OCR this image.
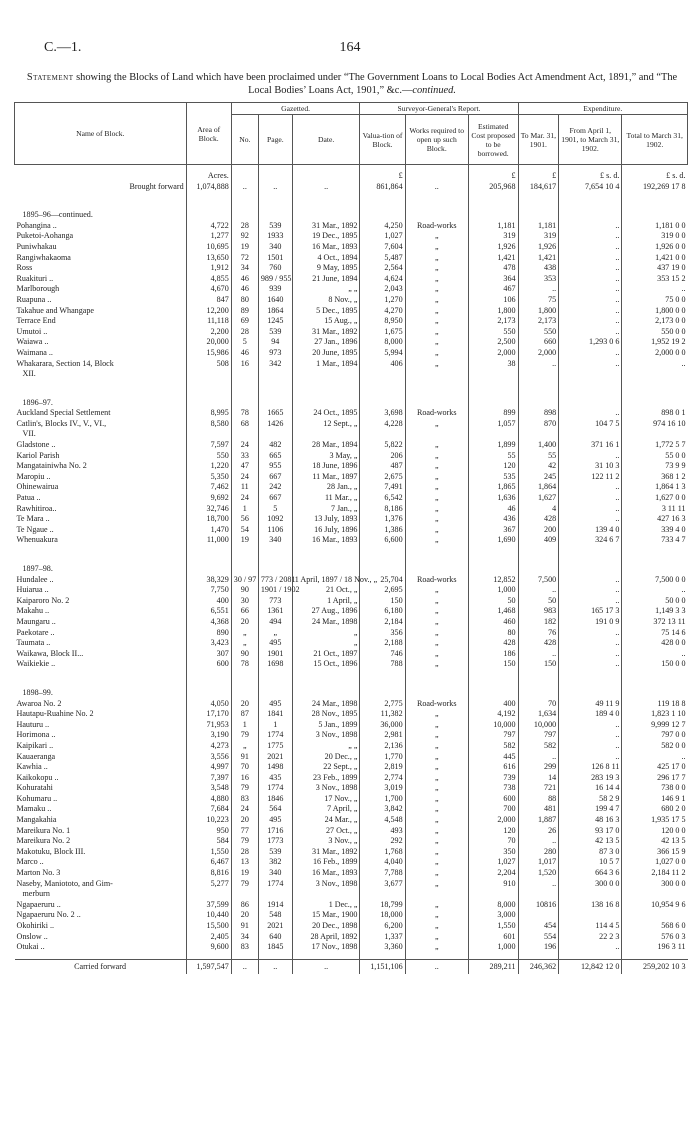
C.—1.	164
Statement showing the Blocks of Land which have been proclaimed under “The Government Loans to Local Bodies Act Amendment Act, 1891,” and “The Local Bodies’ Loans Act, 1901,” &c.—continued.
Name of Block.	Area of Block.	Gazetted.			Surveyor-General's Report.			Expenditure.		
		No.	Page.	Date.	Valua-tion of Block.	Works required to open up such Block.	Estimated Cost proposed to be borrowed.	To Mar. 31, 1901.	From April 1, 1901, to March 31, 1902.	Total to March 31, 1902.

	Acres.				£		£	£	£ s. d.	£ s. d.
Brought forward	1,074,888	..	..	..	861,864	..	205,968	184,617	7,654 10 4	192,269 17 8

1895–96—continued.										
Pohangina ..	4,722	28	539	31 Mar., 1892	4,250	Road-works	1,181	1,181	..	1,181 0 0
Puketoi-Aohanga	1,277	92	1933	19 Dec., 1895	1,027	„	319	319	..	319 0 0
Puniwhakau	10,695	19	340	16 Mar., 1893	7,604	„	1,926	1,926	..	1,926 0 0
Rangiwhakaoma	13,650	72	1501	4 Oct., 1894	5,487	„	1,421	1,421	..	1,421 0 0
Ross	1,912	34	760	9 May, 1895	2,564	„	478	438	..	437 19 0
Ruakituri ..	4,855	46	989 / 955	21 June, 1894	4,624	„	364	353	..	353 15 2
Marlborough	4,670	46	939	„ „	2,043	„	467	..	..	..
Ruapuna ..	847	80	1640	8 Nov., „	1,270	„	106	75	..	75 0 0
Takahue and Whangape	12,200	89	1864	5 Dec., 1895	4,270	„	1,800	1,800	..	1,800 0 0
Terrace End	11,118	69	1245	15 Aug., „	8,950	„	2,173	2,173	..	2,173 0 0
Umutoi ..	2,200	28	539	31 Mar., 1892	1,675	„	550	550	..	550 0 0
Waiawa ..	20,000	5	94	27 Jan., 1896	8,000	„	2,500	660	1,293 0 6	1,952 19 2
Waimana ..	15,986	46	973	20 June, 1895	5,994	„	2,000	2,000	..	2,000 0 0
Whakarara, Section 14, Block	508	16	342	1 Mar., 1894	406	„	38	..	..	..
XII.										

1896–97.										
Auckland Special Settlement	8,995	78	1665	24 Oct., 1895	3,698	Road-works	899	898	..	898 0 1
Catlin's, Blocks IV., V., VI.,	8,580	68	1426	12 Sept., „	4,228	„	1,057	870	104 7 5	974 16 10
VII.										
Gladstone ..	7,597	24	482	28 Mar., 1894	5,822	„	1,899	1,400	371 16 1	1,772 5 7
Kariol Parish	550	33	665	3 May, „	206	„	55	55	..	55 0 0
Mangatainiwha No. 2	1,220	47	955	18 June, 1896	487	„	120	42	31 10 3	73 9 9
Maropiu ..	5,350	24	667	11 Mar., 1897	2,675	„	535	245	122 11 2	368 1 2
Ohinewairua	7,462	11	242	28 Jan., „	7,491	„	1,865	1,864	..	1,864 1 3
Patua ..	9,692	24	667	11 Mar., „	6,542	„	1,636	1,627	..	1,627 0 0
Rawhitiroa..	32,746	1	5	7 Jan., „	8,186	„	46	4	..	3 11 11
Te Mara ..	18,700	56	1092	13 July, 1893	1,376	„	436	428	..	427 16 3
Te Ngaue ..	1,470	54	1106	16 July, 1896	1,386	„	367	200	139 4 0	339 4 0
Whenuakura	11,000	19	340	16 Mar., 1893	6,600	„	1,690	409	324 6 7	733 4 7

1897–98.										
Hundalee ..	38,329	30 / 97	773 / 2081	1 April, 1897 / 18 Nov., „	25,704	Road-works	12,852	7,500	..	7,500 0 0
Huiarua ..	7,750	90	1901 / 1902	21 Oct., „	2,695	„	1,000	..	..	..
Kaiparoro No. 2	400	30	773	1 April, „	150	„	50	50	..	50 0 0
Makahu ..	6,551	66	1361	27 Aug., 1896	6,180	„	1,468	983	165 17 3	1,149 3 3
Maungaru ..	4,368	20	494	24 Mar., 1898	2,184	„	460	182	191 0 9	372 13 11
Paekotare ..	890	„	„	„	356	„	80	76	..	75 14 6
Taumata ..	3,423	„	495	„	2,188	„	428	428	..	428 0 0
Waikawa, Block II...	307	90	1901	21 Oct., 1897	746	„	186	..	..	..
Waikiekie ..	600	78	1698	15 Oct., 1896	788	„	150	150	..	150 0 0

1898–99.										
Awaroa No. 2	4,050	20	495	24 Mar., 1898	2,775	Road-works	400	70	49 11 9	119 18 8
Hautapu-Ruahine No. 2	17,170	87	1841	28 Nov., 1895	11,382	„	4,192	1,634	189 4 0	1,823 1 10
Hauturu ..	71,953	1	1	5 Jan., 1899	36,000	„	10,000	10,000	..	9,999 12 7
Horimona ..	3,190	79	1774	3 Nov., 1898	2,981	„	797	797	..	797 0 0
Kaipikari ..	4,273	„	1775	„ „	2,136	„	582	582	..	582 0 0
Kauaeranga	3,556	91	2021	20 Dec., „	1,770	„	445	..	..	..
Kawhia ..	4,997	70	1498	22 Sept., „	2,819	„	616	299	126 8 11	425 17 0
Kaikokopu ..	7,397	16	435	23 Feb., 1899	2,774	„	739	14	283 19 3	296 17 7
Kohuratahi	3,548	79	1774	3 Nov., 1898	3,019	„	738	721	16 14 4	738 0 0
Kohumaru ..	4,880	83	1846	17 Nov., „	1,700	„	600	88	58 2 9	146 9 1
Mamaku ..	7,684	24	564	7 April, „	3,842	„	700	481	199 4 7	680 2 0
Mangakahia	10,223	20	495	24 Mar., „	4,548	„	2,000	1,887	48 16 3	1,935 17 5
Mareikura No. 1	950	77	1716	27 Oct., „	493	„	120	26	93 17 0	120 0 0
Mareikura No. 2	584	79	1773	3 Nov., „	292	„	70	..	42 13 5	42 13 5
Makotuku, Block III.	1,550	28	539	31 Mar., 1892	1,768	„	350	280	87 3 0	366 15 9
Marco ..	6,467	13	382	16 Feb., 1899	4,040	„	1,027	1,017	10 5 7	1,027 0 0
Marton No. 3	8,816	19	340	16 Mar., 1893	7,788	„	2,204	1,520	664 3 6	2,184 11 2
Naseby, Maniototo, and Gim-	5,277	79	1774	3 Nov., 1898	3,677	„	910	..	300 0 0	300 0 0
merburn										
Ngapaeruru ..	37,599	86	1914	1 Dec., „	18,799	„	8,000	10816	138 16 8	10,954 9 6
Ngapaeruru No. 2 ..	10,440	20	548	15 Mar., 1900	18,000	„	3,000			
Okohiriki ..	15,500	91	2021	20 Dec., 1898	6,200	„	1,550	454	114 4 5	568 6 0
Onslow ..	2,405	34	640	28 April, 1892	1,337	„	601	554	22 2 3	576 0 3
Otukai ..	9,600	83	1845	17 Nov., 1898	3,360	„	1,000	196	..	196 3 11

Carried forward	1,597,547	..	..	..	1,151,106	..	289,211	246,362	12,842 12 0	259,202 10 3
